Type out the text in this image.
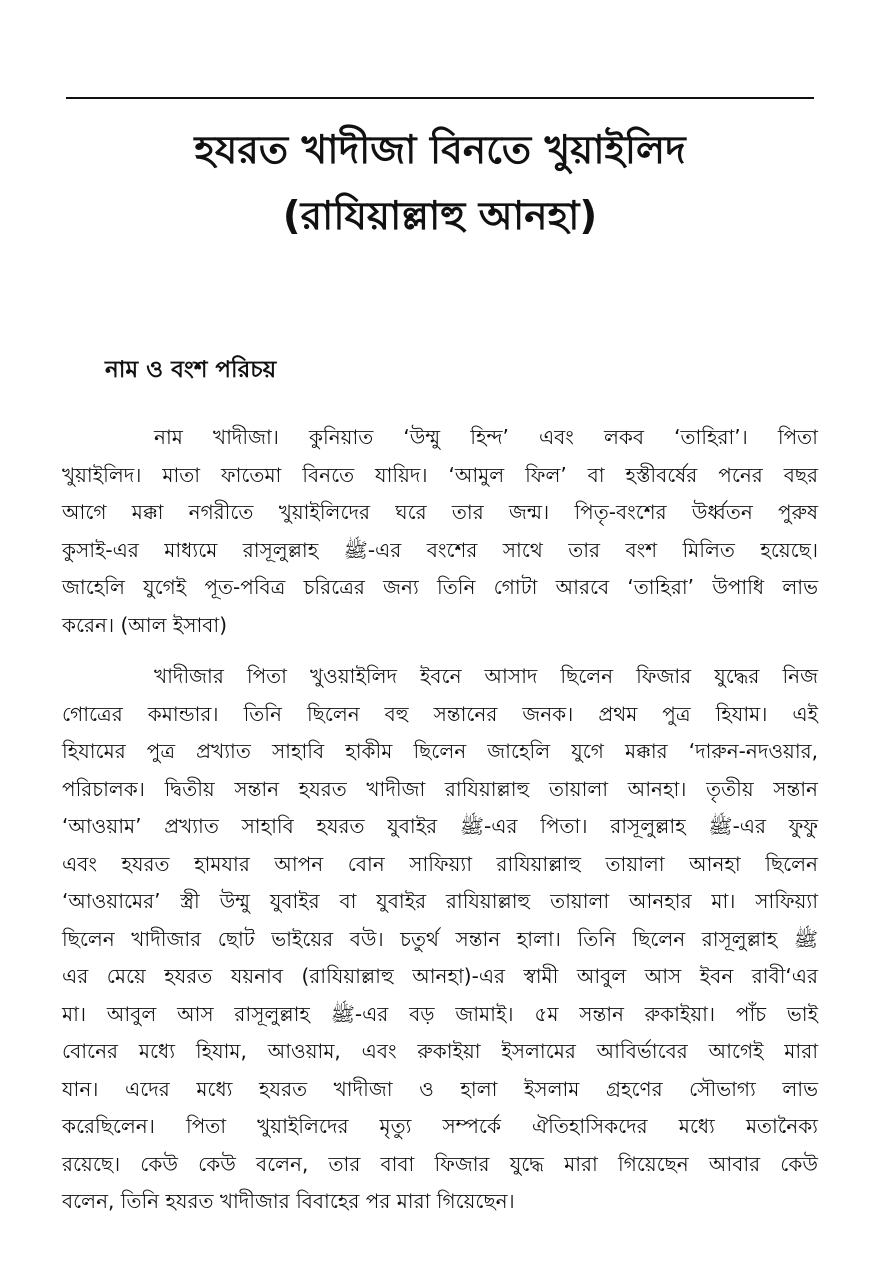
হযরত খাদীজা বিনতে খুয়াইলিদ
(রাযিয়াল্লাহু আনহা)
নাম ও বংশ পরিচয়
নাম খাদীজা। কুনিয়াত ‘উম্মু হিন্দ’ এবং লকব ‘তাহিরা’। পিতা
খুয়াইলিদ। মাতা ফাতেমা বিনতে যায়িদ। ‘আমুল ফিল’ বা হস্তীবর্ষের পনের বছর
আগে মক্কা নগরীতে খুয়াইলিদের ঘরে তার জন্ম। পিতৃ-বংশের উর্ধ্বতন পুরুষ
কুসাই-এর মাধ্যমে রাসূলুল্লাহ ﷺ-এর বংশের সাথে তার বংশ মিলিত হয়েছে।
জাহেলি যুগেই পূত-পবিত্র চরিত্রের জন্য তিনি গোটা আরবে ‘তাহিরা’ উপাধি লাভ
করেন। (আল ইসাবা)
খাদীজার পিতা খুওয়াইলিদ ইবনে আসাদ ছিলেন ফিজার যুদ্ধের নিজ
গোত্রের কমান্ডার। তিনি ছিলেন বহু সন্তানের জনক। প্রথম পুত্র হিযাম। এই
হিযামের পুত্র প্রখ্যাত সাহাবি হাকীম ছিলেন জাহেলি যুগে মক্কার ‘দারুন-নদওয়ার,
পরিচালক। দ্বিতীয় সন্তান হযরত খাদীজা রাযিয়াল্লাহু তায়ালা আনহা। তৃতীয় সন্তান
‘আওয়াম’ প্রখ্যাত সাহাবি হযরত যুবাইর ﷺ-এর পিতা। রাসূলুল্লাহ ﷺ-এর ফুফু
এবং হযরত হামযার আপন বোন সাফিয়্যা রাযিয়াল্লাহু তায়ালা আনহা ছিলেন
‘আওয়ামের’ স্ত্রী উম্মু যুবাইর বা যুবাইর রাযিয়াল্লাহু তায়ালা আনহার মা। সাফিয়্যা
ছিলেন খাদীজার ছোট ভাইয়ের বউ। চতুর্থ সন্তান হালা। তিনি ছিলেন রাসূলুল্লাহ ﷺ
এর মেয়ে হযরত যয়নাব (রাযিয়াল্লাহু আনহা)-এর স্বামী আবুল আস ইবন রাবী‘এর
মা। আবুল আস রাসূলুল্লাহ ﷺ-এর বড় জামাই। ৫ম সন্তান রুকাইয়া। পাঁচ ভাই
বোনের মধ্যে হিযাম, আওয়াম, এবং রুকাইয়া ইসলামের আবির্ভাবের আগেই মারা
যান। এদের মধ্যে হযরত খাদীজা ও হালা ইসলাম গ্রহণের সৌভাগ্য লাভ
করেছিলেন। পিতা খুয়াইলিদের মৃত্যু সম্পর্কে ঐতিহাসিকদের মধ্যে মতানৈক্য
রয়েছে। কেউ কেউ বলেন, তার বাবা ফিজার যুদ্ধে মারা গিয়েছেন আবার কেউ
বলেন, তিনি হযরত খাদীজার বিবাহের পর মারা গিয়েছেন।
